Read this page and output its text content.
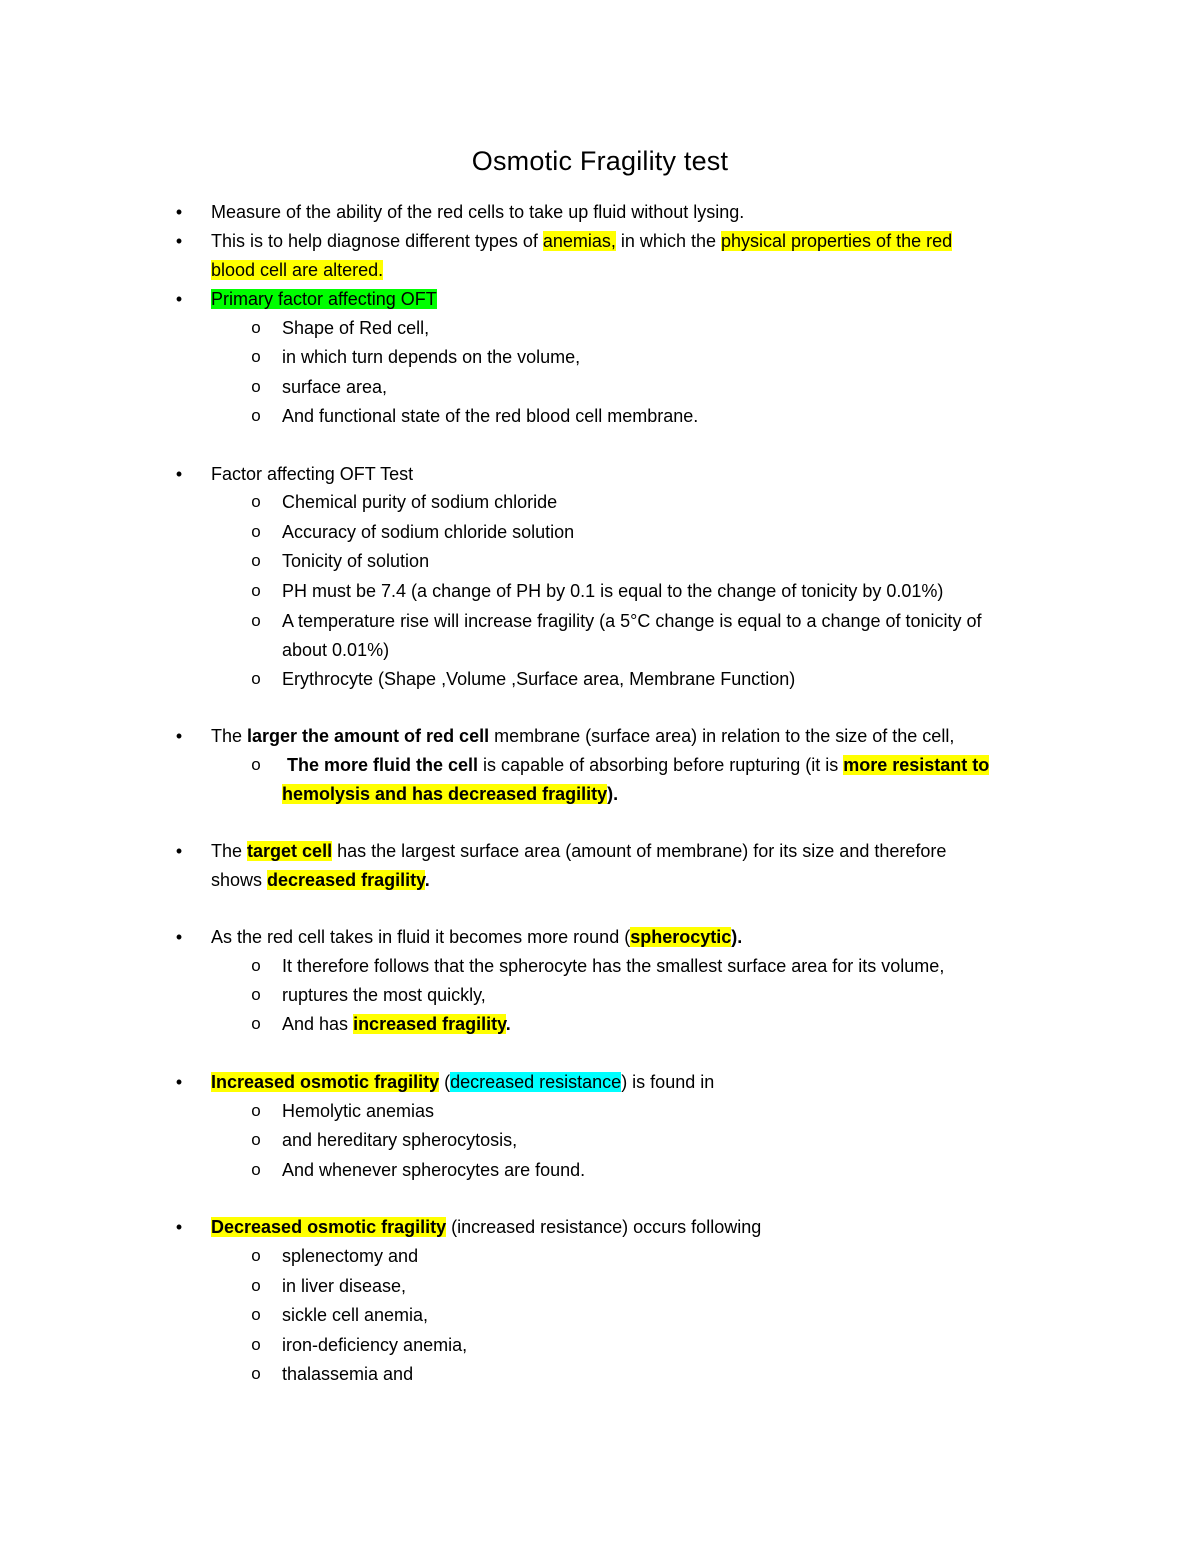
Osmotic Fragility test
• Measure of the ability of the red cells to take up fluid without lysing.
• This is to help diagnose different types of anemias, in which the physical properties of the red
blood cell are altered.
• Primary factor affecting OFT
o Shape of Red cell,
o in which turn depends on the volume,
o surface area,
o And functional state of the red blood cell membrane.
• Factor affecting OFT Test
o Chemical purity of sodium chloride
o Accuracy of sodium chloride solution
o Tonicity of solution
o PH must be 7.4 (a change of PH by 0.1 is equal to the change of tonicity by 0.01%)
o A temperature rise will increase fragility (a 5°C change is equal to a change of tonicity of
about 0.01%)
o Erythrocyte (Shape ,Volume ,Surface area, Membrane Function)
• The larger the amount of red cell membrane (surface area) in relation to the size of the cell,
o The more fluid the cell is capable of absorbing before rupturing (it is more resistant to
hemolysis and has decreased fragility).
• The target cell has the largest surface area (amount of membrane) for its size and therefore
shows decreased fragility.
• As the red cell takes in fluid it becomes more round (spherocytic).
o It therefore follows that the spherocyte has the smallest surface area for its volume,
o ruptures the most quickly,
o And has increased fragility.
• Increased osmotic fragility (decreased resistance) is found in
o Hemolytic anemias
o and hereditary spherocytosis,
o And whenever spherocytes are found.
• Decreased osmotic fragility (increased resistance) occurs following
o splenectomy and
o in liver disease,
o sickle cell anemia,
o iron-deficiency anemia,
o thalassemia and
